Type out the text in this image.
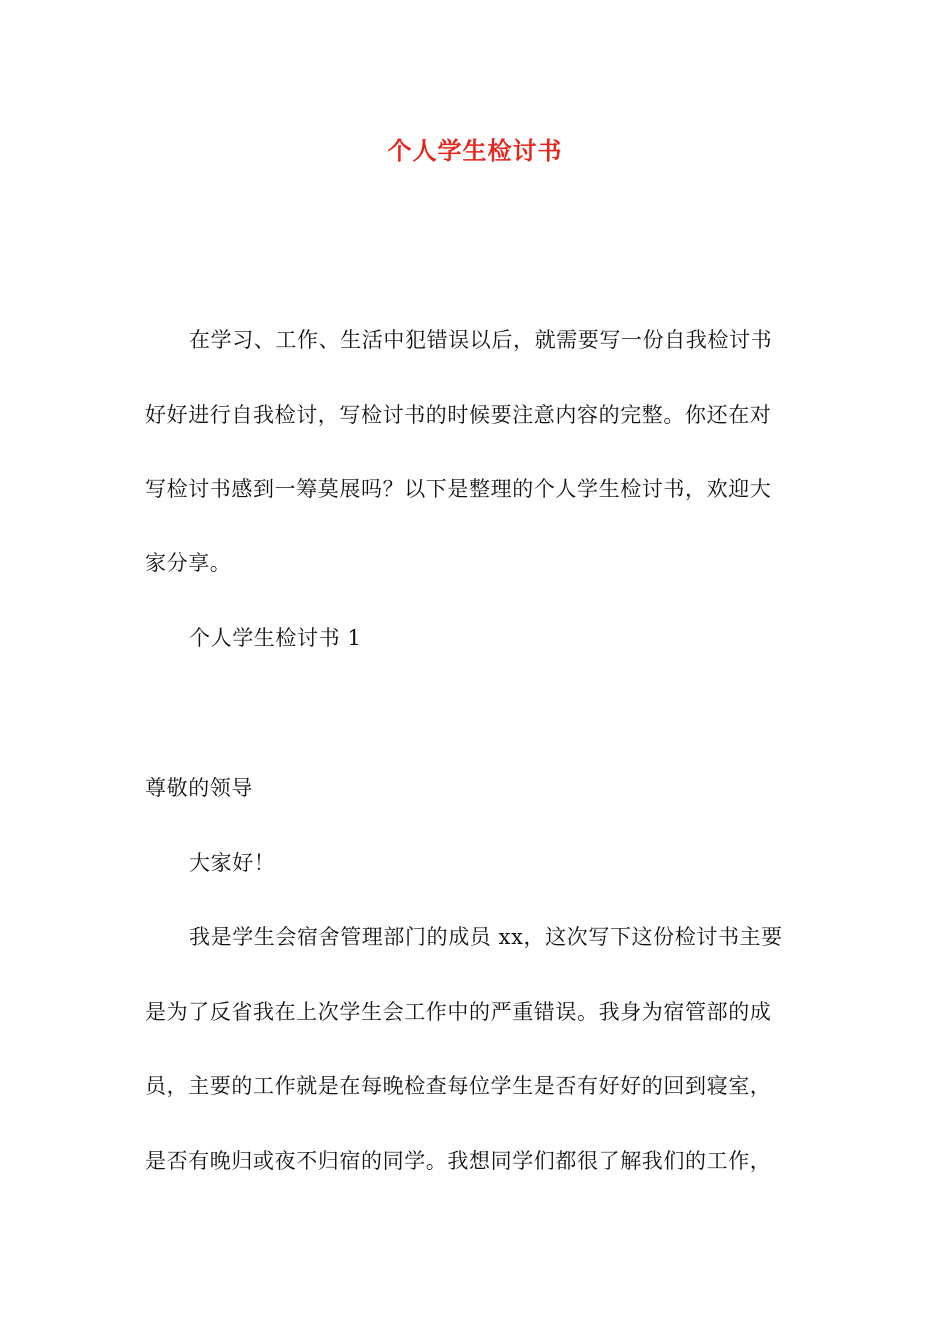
个人学生检讨书
在学习、工作、生活中犯错误以后，就需要写一份自我检讨书
好好进行自我检讨，写检讨书的时候要注意内容的完整。你还在对
写检讨书感到一筹莫展吗？以下是整理的个人学生检讨书，欢迎大
家分享。
个人学生检讨书 1
尊敬的领导
大家好！
我是学生会宿舍管理部门的成员 xx，这次写下这份检讨书主要
是为了反省我在上次学生会工作中的严重错误。我身为宿管部的成
员，主要的工作就是在每晚检查每位学生是否有好好的回到寝室，
是否有晚归或夜不归宿的同学。我想同学们都很了解我们的工作，
